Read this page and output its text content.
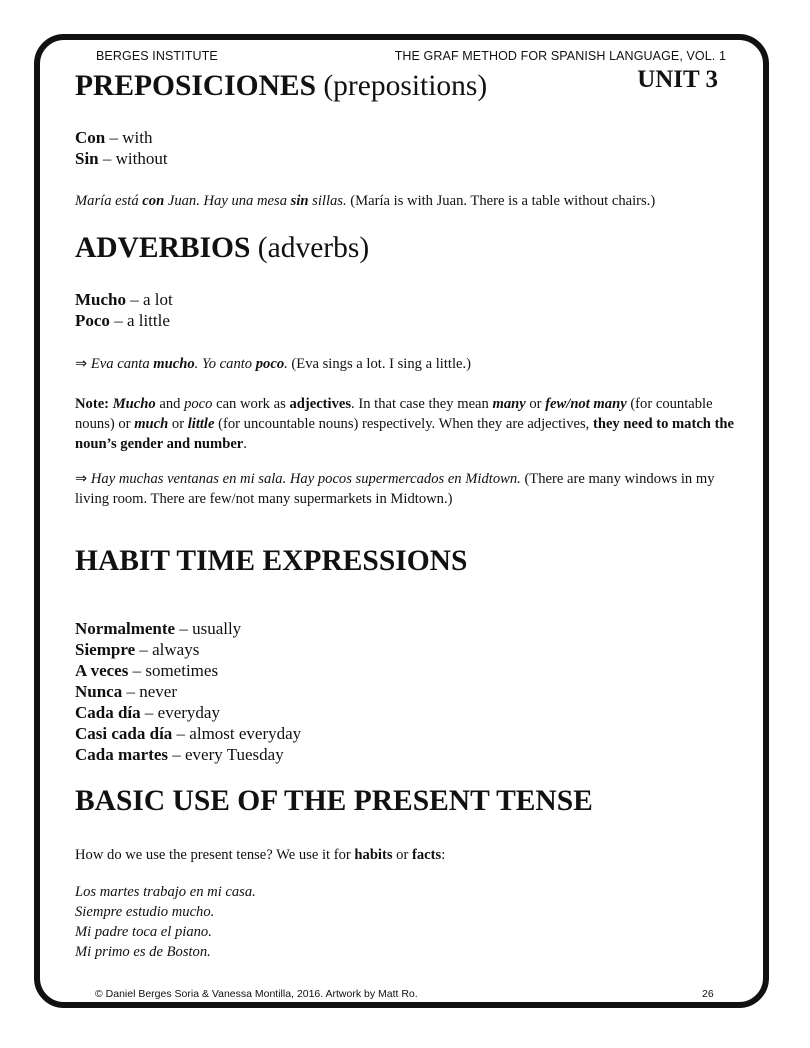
BERGES INSTITUTE	THE GRAF METHOD FOR SPANISH LANGUAGE, VOL. 1
UNIT 3
PREPOSICIONES (prepositions)
Con – with
Sin – without
María está con Juan. Hay una mesa sin sillas. (María is with Juan. There is a table without chairs.)
ADVERBIOS (adverbs)
Mucho – a lot
Poco – a little
⇒ Eva canta mucho. Yo canto poco. (Eva sings a lot. I sing a little.)
Note: Mucho and poco can work as adjectives. In that case they mean many or few/not many (for countable nouns) or much or little (for uncountable nouns) respectively. When they are adjectives, they need to match the noun’s gender and number.
⇒ Hay muchas ventanas en mi sala. Hay pocos supermercados en Midtown. (There are many windows in my living room. There are few/not many supermarkets in Midtown.)
HABIT TIME EXPRESSIONS
Normalmente – usually
Siempre – always
A veces – sometimes
Nunca – never
Cada día – everyday
Casi cada día – almost everyday
Cada martes – every Tuesday
BASIC USE OF THE PRESENT TENSE
How do we use the present tense? We use it for habits or facts:
Los martes trabajo en mi casa.
Siempre estudio mucho.
Mi padre toca el piano.
Mi primo es de Boston.
© Daniel Berges Soria & Vanessa Montilla, 2016. Artwork by Matt Ro.	26
